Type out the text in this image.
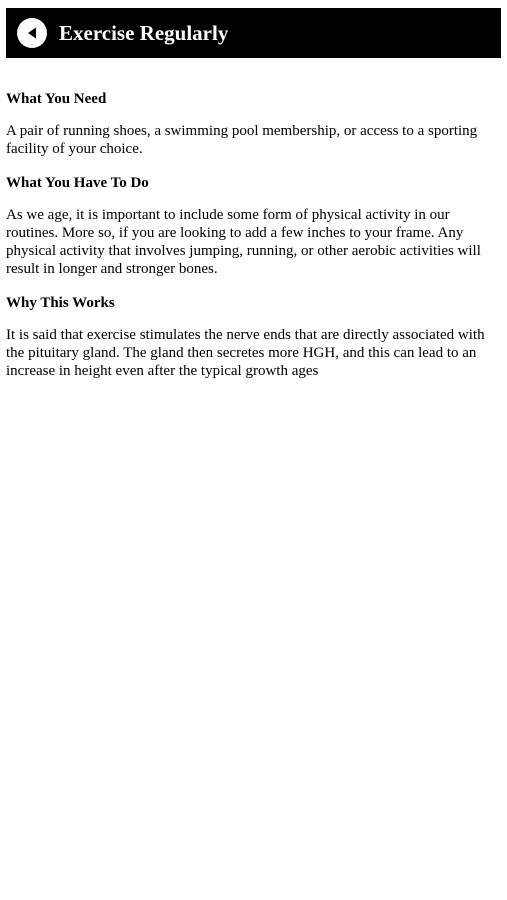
Exercise Regularly
What You Need
A pair of running shoes, a swimming pool membership, or access to a sporting facility of your choice.
What You Have To Do
As we age, it is important to include some form of physical activity in our routines. More so, if you are looking to add a few inches to your frame. Any physical activity that involves jumping, running, or other aerobic activities will result in longer and stronger bones.
Why This Works
It is said that exercise stimulates the nerve ends that are directly associated with the pituitary gland. The gland then secretes more HGH, and this can lead to an increase in height even after the typical growth ages
